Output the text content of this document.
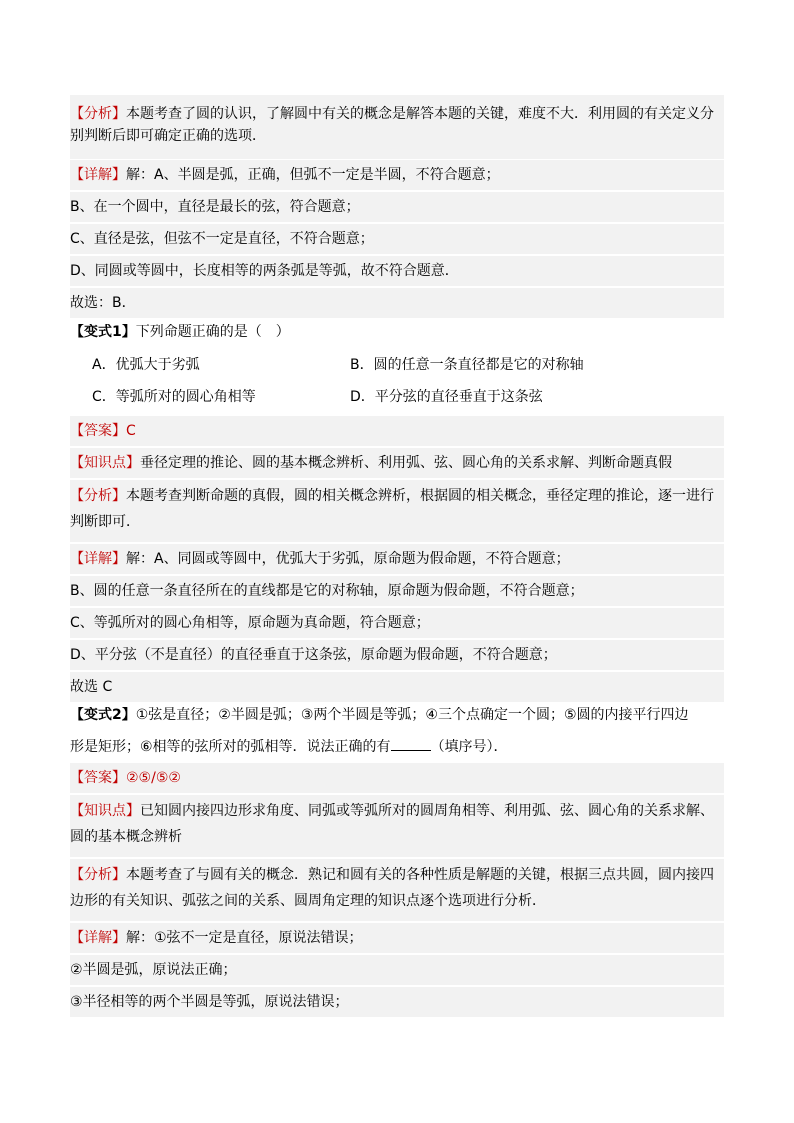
【分析】本题考查了圆的认识，了解圆中有关的概念是解答本题的关键，难度不大．利用圆的有关定义分
别判断后即可确定正确的选项．
【详解】解：A、半圆是弧，正确，但弧不一定是半圆，不符合题意；
B、在一个圆中，直径是最长的弦，符合题意；
C、直径是弦，但弦不一定是直径，不符合题意；
D、同圆或等圆中，长度相等的两条弧是等弧，故不符合题意．
故选：B．
【变式1】下列命题正确的是（　）
A．优弧大于劣弧	B．圆的任意一条直径都是它的对称轴
C．等弧所对的圆心角相等	D．平分弦的直径垂直于这条弦
【答案】C
【知识点】垂径定理的推论、圆的基本概念辨析、利用弧、弦、圆心角的关系求解、判断命题真假
【分析】本题考查判断命题的真假，圆的相关概念辨析，根据圆的相关概念，垂径定理的推论，逐一进行
判断即可．
【详解】解：A、同圆或等圆中，优弧大于劣弧，原命题为假命题，不符合题意；
B、圆的任意一条直径所在的直线都是它的对称轴，原命题为假命题，不符合题意；
C、等弧所对的圆心角相等，原命题为真命题，符合题意；
D、平分弦（不是直径）的直径垂直于这条弦，原命题为假命题，不符合题意；
故选 C
【变式2】①弦是直径；②半圆是弧；③两个半圆是等弧；④三个点确定一个圆；⑤圆的内接平行四边
形是矩形；⑥相等的弦所对的弧相等．说法正确的有	（填序号）．
【答案】②⑤/⑤②
【知识点】已知圆内接四边形求角度、同弧或等弧所对的圆周角相等、利用弧、弦、圆心角的关系求解、
圆的基本概念辨析
【分析】本题考查了与圆有关的概念．熟记和圆有关的各种性质是解题的关键，根据三点共圆，圆内接四
边形的有关知识、弧弦之间的关系、圆周角定理的知识点逐个选项进行分析．
【详解】解：①弦不一定是直径，原说法错误；
②半圆是弧，原说法正确；
③半径相等的两个半圆是等弧，原说法错误；
